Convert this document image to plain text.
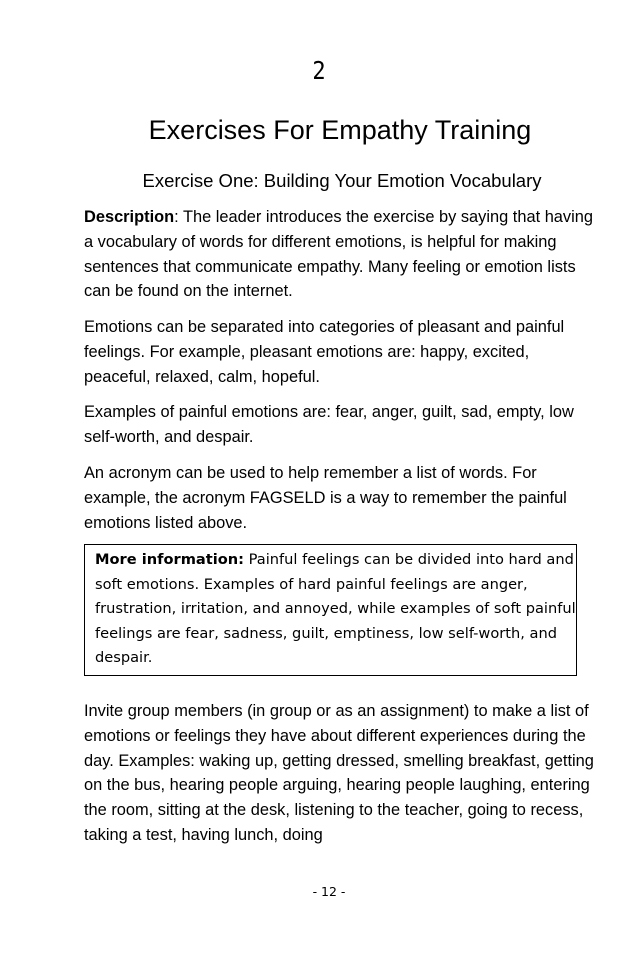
2
Exercises For Empathy Training
Exercise One: Building Your Emotion Vocabulary

Description: The leader introduces the exercise by saying that having a vocabulary of words for different emotions, is helpful for making sentences that communicate empathy. Many feeling or emotion lists can be found on the internet.

Emotions can be separated into categories of pleasant and painful feelings. For example, pleasant emotions are: happy, excited, peaceful, relaxed, calm, hopeful.

Examples of painful emotions are: fear, anger, guilt, sad, empty, low self-worth, and despair.

An acronym can be used to help remember a list of words. For example, the acronym FAGSELD is a way to remember the painful emotions listed above.

More information: Painful feelings can be divided into hard and soft emotions. Examples of hard painful feelings are anger, frustration, irritation, and annoyed, while examples of soft painful feelings are fear, sadness, guilt, emptiness, low self-worth, and despair.

Invite group members (in group or as an assignment) to make a list of emotions or feelings they have about different experiences during the day. Examples: waking up, getting dressed, smelling breakfast, getting on the bus, hearing people arguing, hearing people laughing, entering the room, sitting at the desk, listening to the teacher, going to recess, taking a test, having lunch, doing

- 12 -
